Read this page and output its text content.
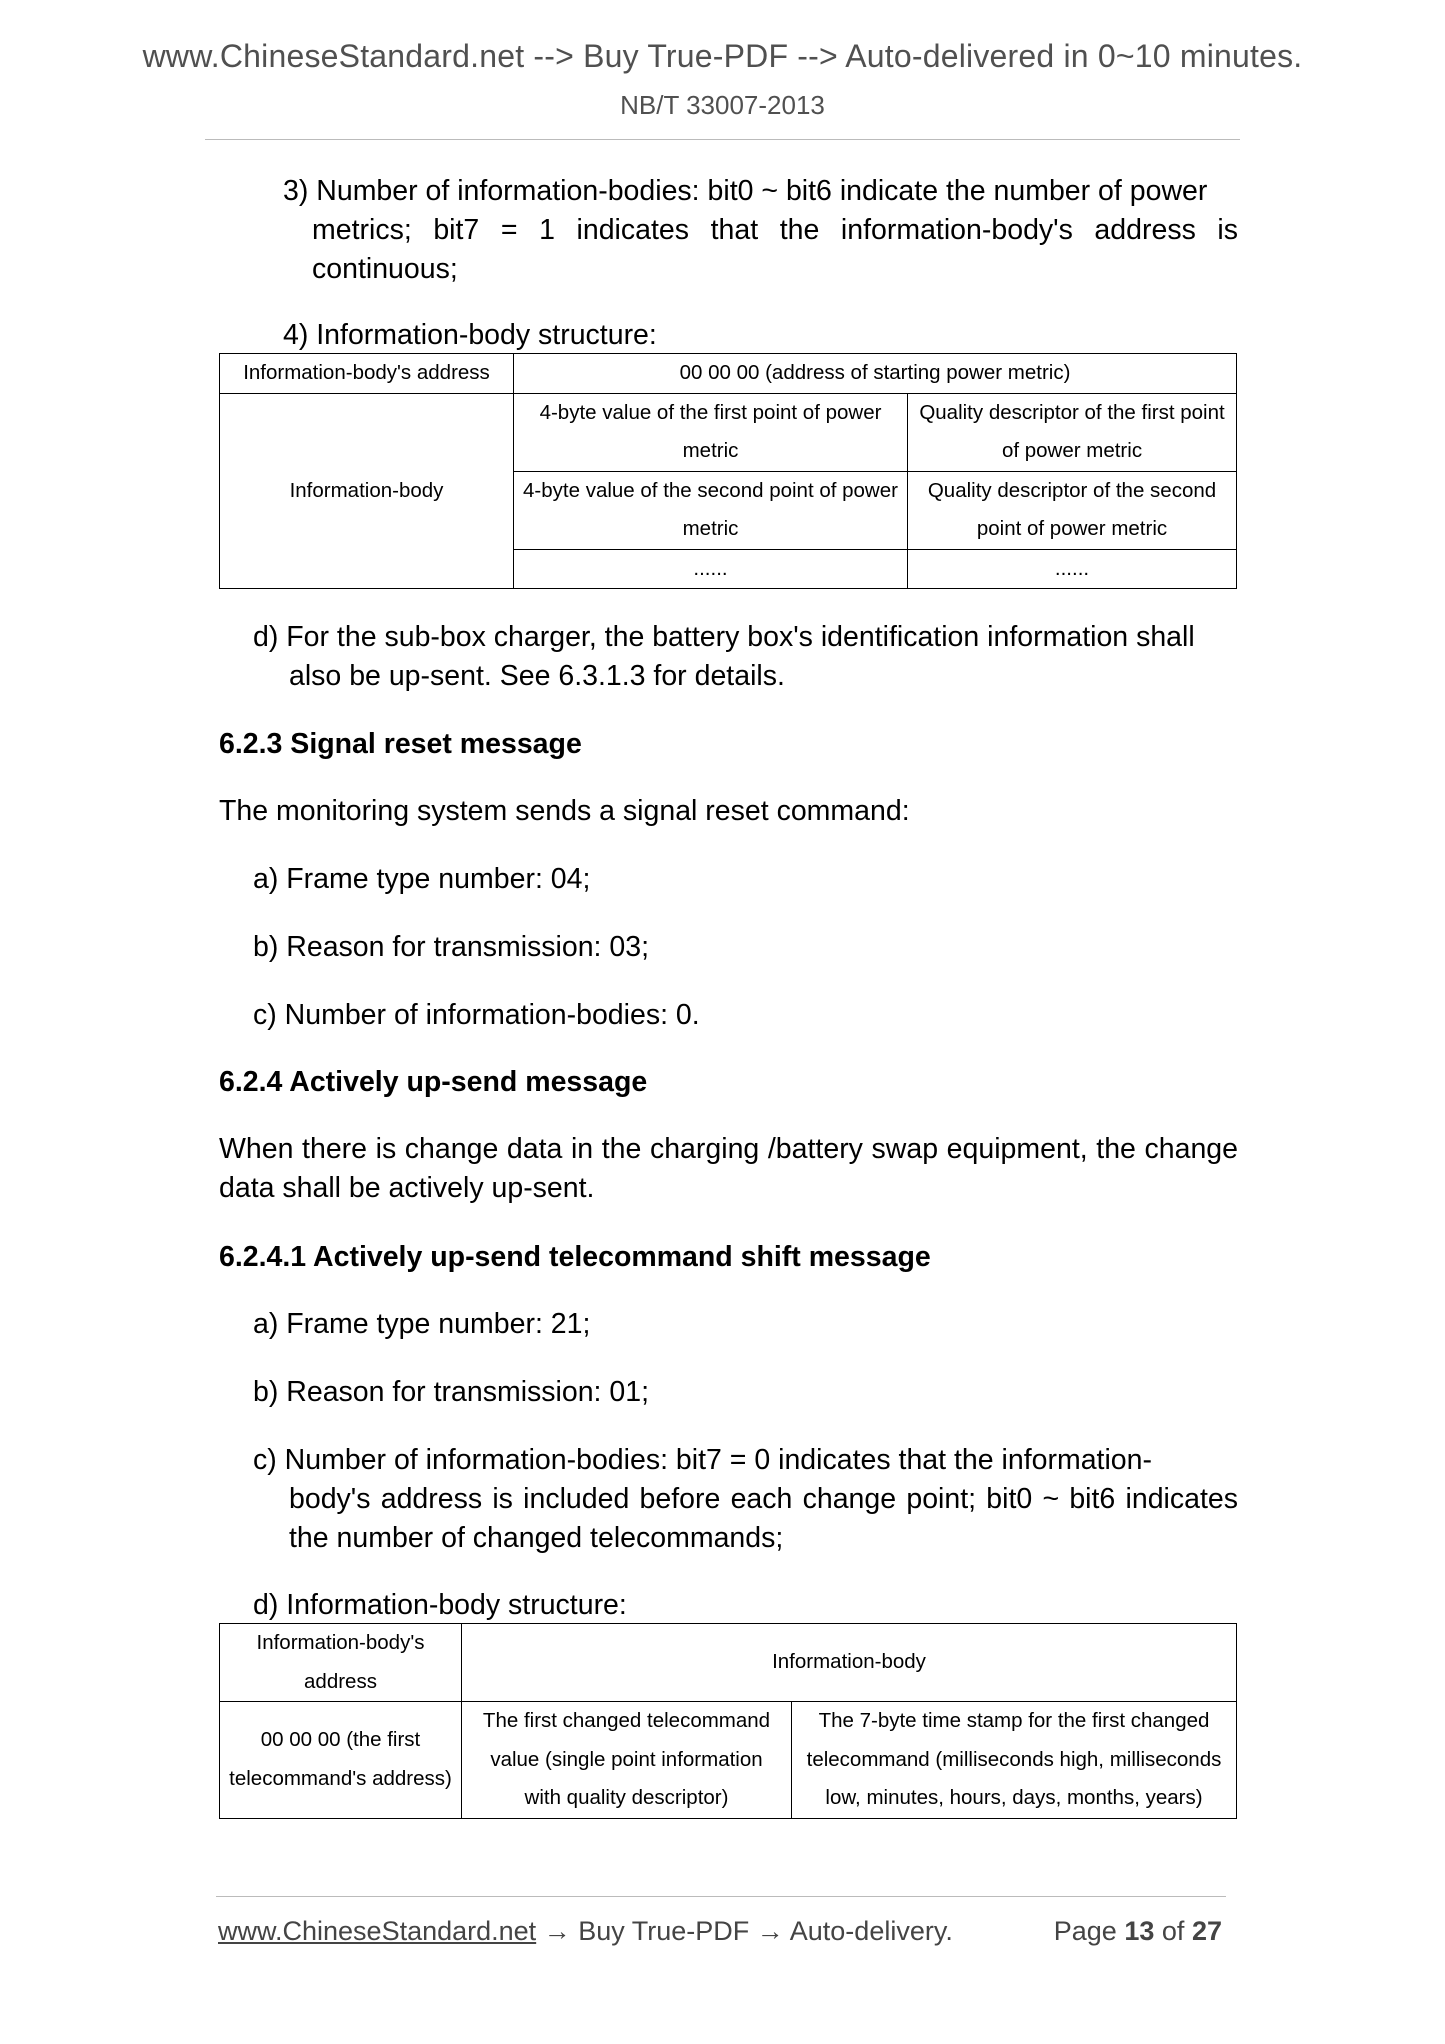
www.ChineseStandard.net --> Buy True-PDF --> Auto-delivered in 0~10 minutes.
NB/T 33007-2013
3) Number of information-bodies: bit0 ~ bit6 indicate the number of power
metrics; bit7 = 1 indicates that the information-body's address is continuous;
4) Information-body structure:
Information-body's address	00 00 00 (address of starting power metric)	
Information-body	4-byte value of the first point of power metric	Quality descriptor of the first point of power metric
	4-byte value of the second point of power metric	Quality descriptor of the second point of power metric
	......	......
d) For the sub-box charger, the battery box's identification information shall
also be up-sent. See 6.3.1.3 for details.
6.2.3 Signal reset message
The monitoring system sends a signal reset command:
a) Frame type number: 04;
b) Reason for transmission: 03;
c) Number of information-bodies: 0.
6.2.4 Actively up-send message
When there is change data in the charging /battery swap equipment, the change data shall be actively up-sent.
6.2.4.1 Actively up-send telecommand shift message
a) Frame type number: 21;
b) Reason for transmission: 01;
c) Number of information-bodies: bit7 = 0 indicates that the information-
body's address is included before each change point; bit0 ~ bit6 indicates the number of changed telecommands;
d) Information-body structure:
Information-body's address	Information-body	
00 00 00 (the first telecommand's address)	The first changed telecommand value (single point information with quality descriptor)	The 7-byte time stamp for the first changed telecommand (milliseconds high, milliseconds low, minutes, hours, days, months, years)
www.ChineseStandard.net → Buy True-PDF → Auto-delivery.	Page 13 of 27
